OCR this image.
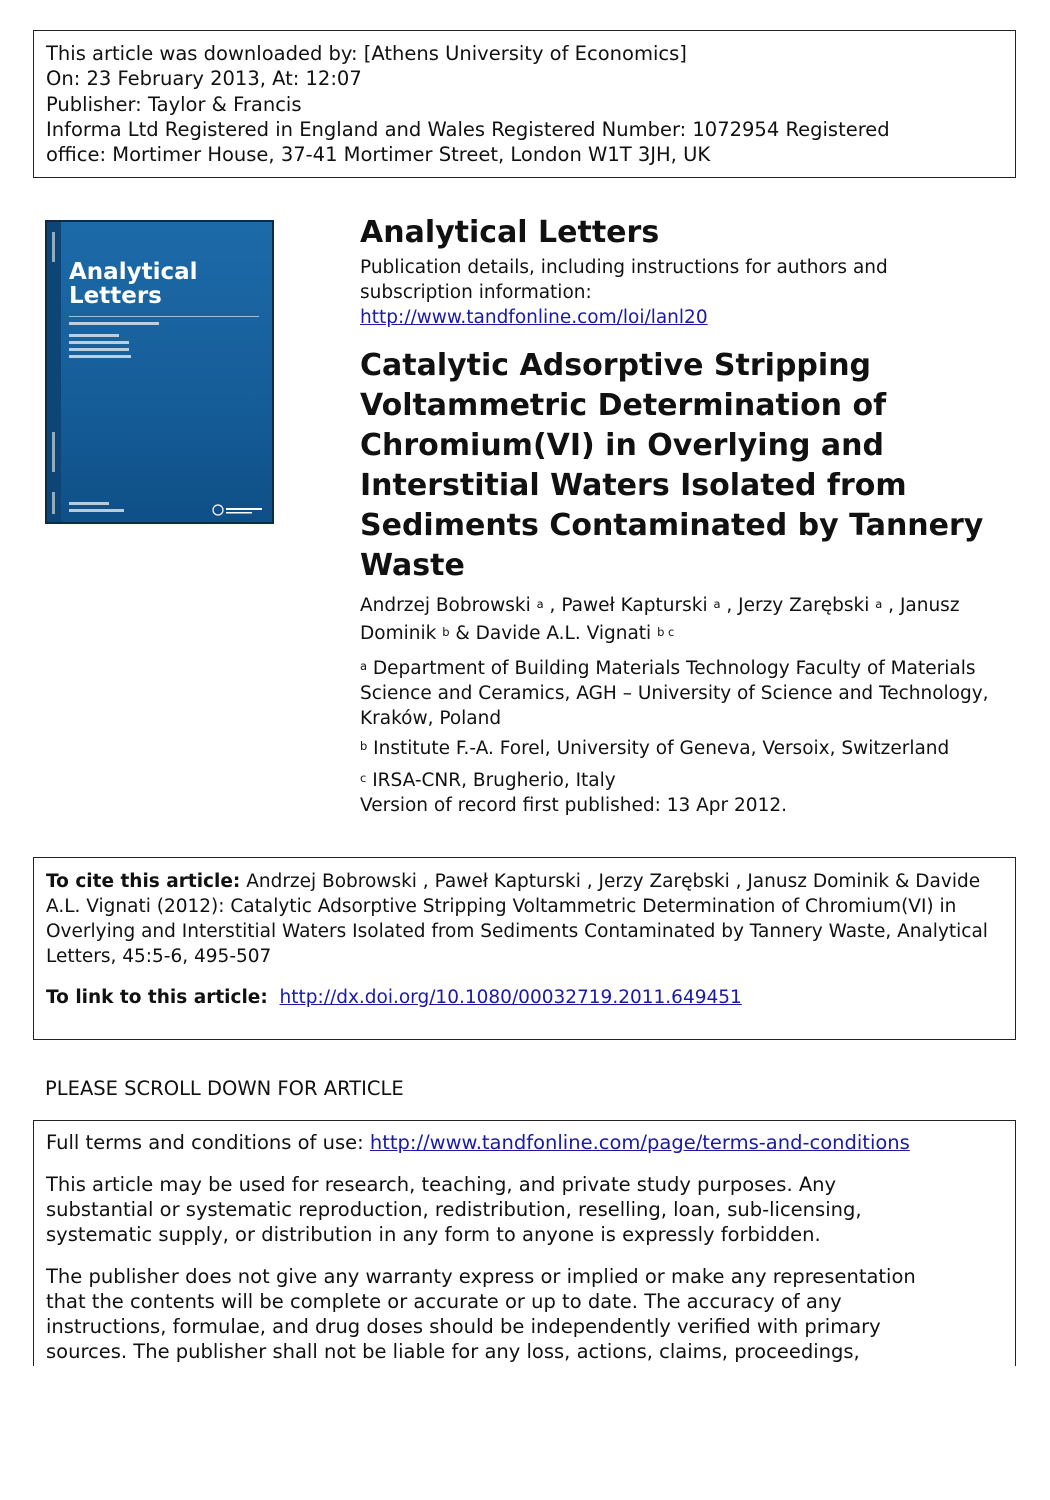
This article was downloaded by: [Athens University of Economics]
On: 23 February 2013, At: 12:07
Publisher: Taylor & Francis
Informa Ltd Registered in England and Wales Registered Number: 1072954 Registered
office: Mortimer House, 37-41 Mortimer Street, London W1T 3JH, UK
Analytical
Letters
Analytical Letters
Publication details, including instructions for authors and
subscription information:
http://www.tandfonline.com/loi/lanl20
Catalytic Adsorptive Stripping
Voltammetric Determination of
Chromium(VI) in Overlying and
Interstitial Waters Isolated from
Sediments Contaminated by Tannery
Waste
Andrzej Bobrowski $^a$ , Paweł Kapturski $^a$ , Jerzy Zarębski $^a$ , Janusz
Dominik $^b$ & Davide A.L. Vignati $^{b c}$
$^a$ Department of Building Materials Technology Faculty of Materials
Science and Ceramics, AGH – University of Science and Technology,
Kraków, Poland
$^b$ Institute F.-A. Forel, University of Geneva, Versoix, Switzerland
$^c$ IRSA-CNR, Brugherio, Italy
Version of record first published: 13 Apr 2012.
To cite this article: Andrzej Bobrowski , Paweł Kapturski , Jerzy Zarębski , Janusz Dominik & Davide
A.L. Vignati (2012): Catalytic Adsorptive Stripping Voltammetric Determination of Chromium(VI) in
Overlying and Interstitial Waters Isolated from Sediments Contaminated by Tannery Waste, Analytical
Letters, 45:5-6, 495-507
To link to this article: http://dx.doi.org/10.1080/00032719.2011.649451
PLEASE SCROLL DOWN FOR ARTICLE
Full terms and conditions of use: http://www.tandfonline.com/page/terms-and-conditions
This article may be used for research, teaching, and private study purposes. Any
substantial or systematic reproduction, redistribution, reselling, loan, sub-licensing,
systematic supply, or distribution in any form to anyone is expressly forbidden.
The publisher does not give any warranty express or implied or make any representation
that the contents will be complete or accurate or up to date. The accuracy of any
instructions, formulae, and drug doses should be independently verified with primary
sources. The publisher shall not be liable for any loss, actions, claims, proceedings,
